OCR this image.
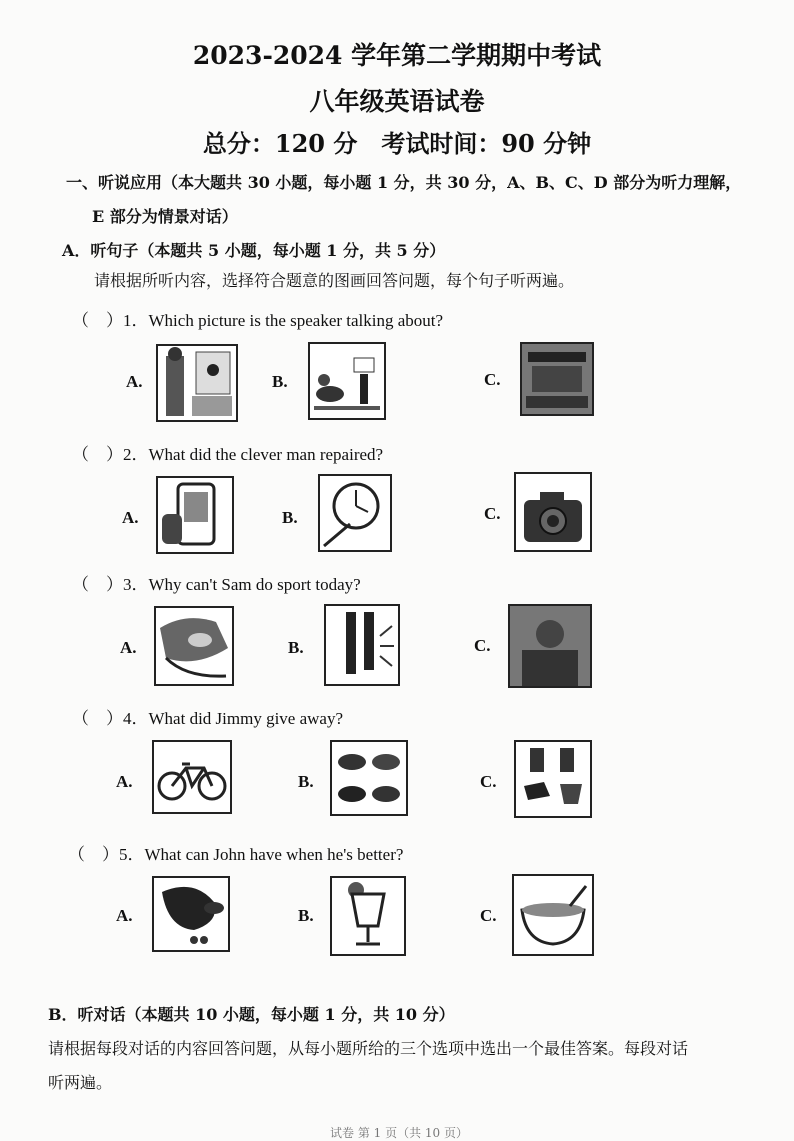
2023-2024 学年第二学期期中考试
八年级英语试卷
总分：120 分　考试时间：90 分钟
一、听说应用（本大题共 30 小题，每小题 1 分，共 30 分，A、B、C、D 部分为听力理解，
E 部分为情景对话）
A．听句子（本题共 5 小题，每小题 1 分，共 5 分）
请根据所听内容，选择符合题意的图画回答问题，每个句子听两遍。
（　）1．Which picture is the speaker talking about?
A.	B.	C.
（　）2．What did the clever man repaired?
A.	B.	C.
（　）3．Why can't Sam do sport today?
A.	B.	C.
（　）4．What did Jimmy give away?
A.	B.	C.
（　）5．What can John have when he's better?
A.	B.	C.
B．听对话（本题共 10 小题，每小题 1 分，共 10 分）
请根据每段对话的内容回答问题，从每小题所给的三个选项中选出一个最佳答案。每段对话
听两遍。
试卷 第 1 页（共 10 页）
